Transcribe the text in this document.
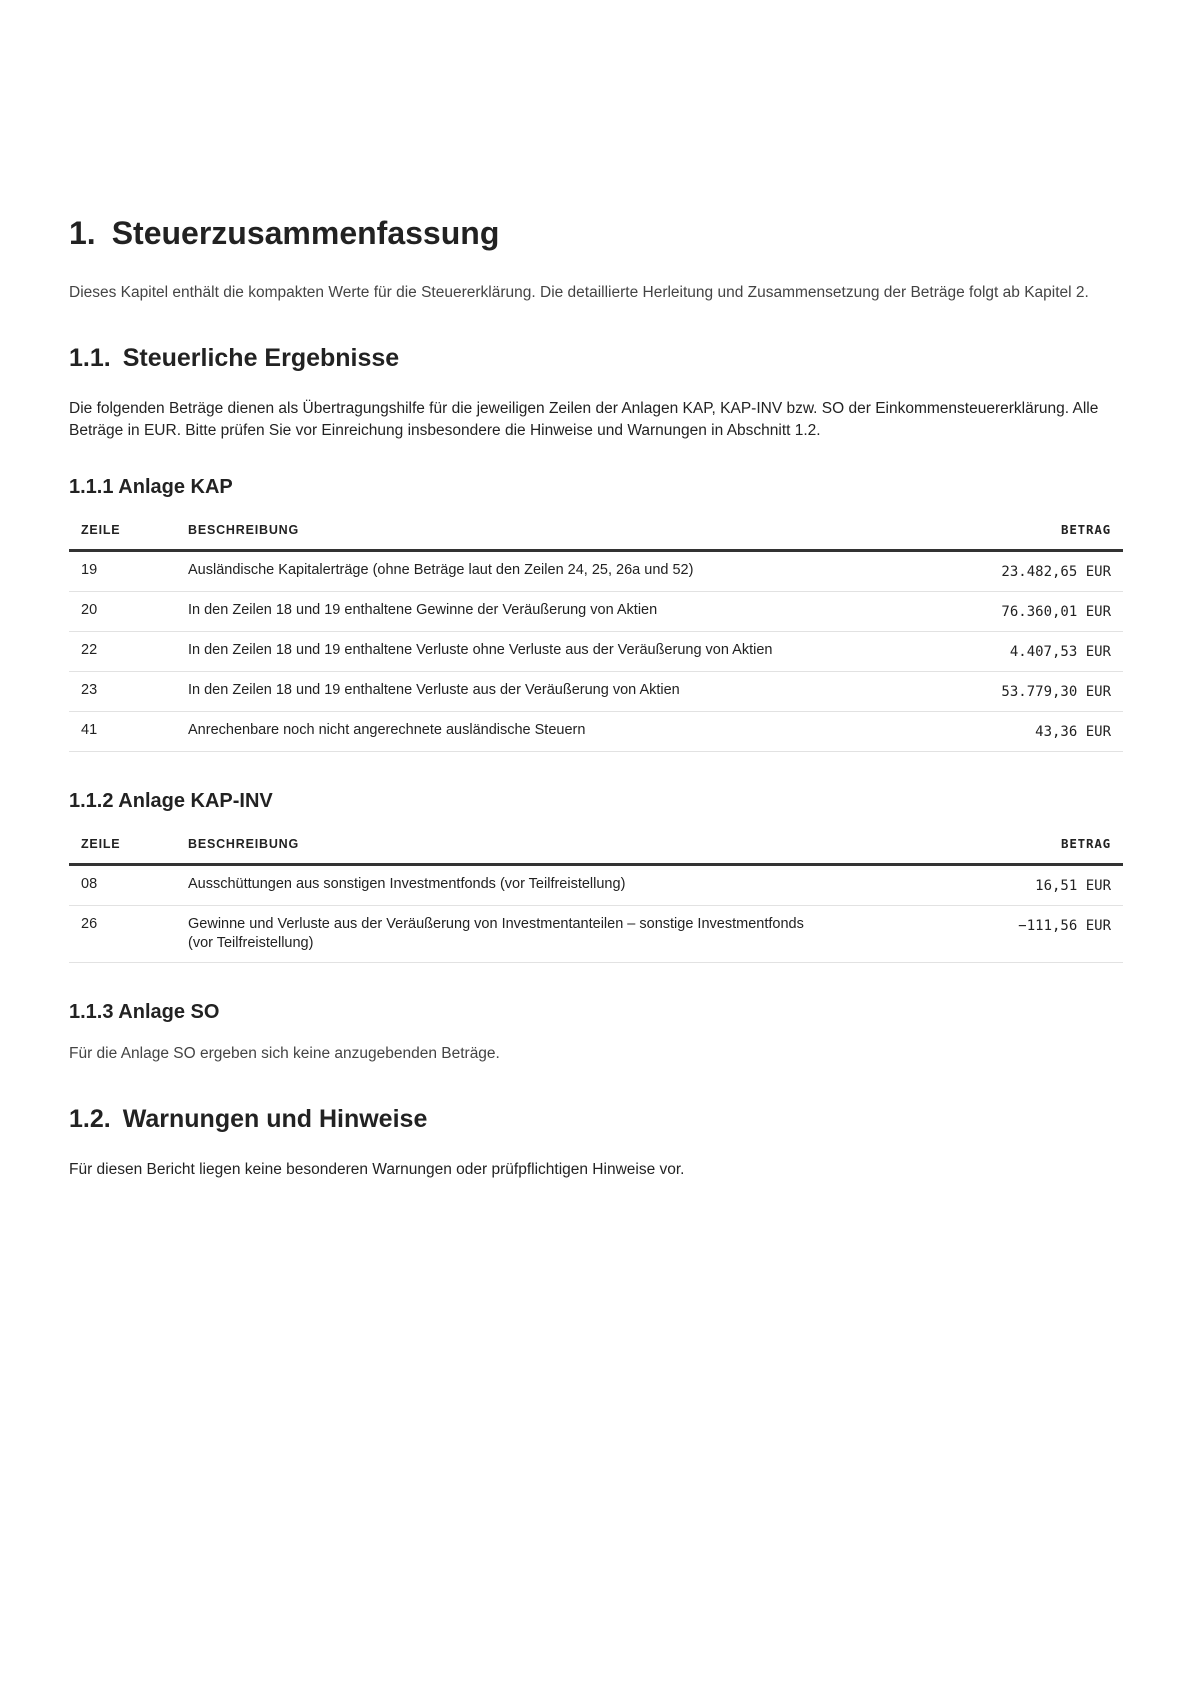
1. Steuerzusammenfassung

Dieses Kapitel enthält die kompakten Werte für die Steuererklärung. Die detaillierte Herleitung und Zusammensetzung der Beträge folgt ab Kapitel 2.

1.1. Steuerliche Ergebnisse

Die folgenden Beträge dienen als Übertragungshilfe für die jeweiligen Zeilen der Anlagen KAP, KAP-INV bzw. SO der Einkommensteuererklärung. Alle Beträge in EUR. Bitte prüfen Sie vor Einreichung insbesondere die Hinweise und Warnungen in Abschnitt 1.2.

1.1.1 Anlage KAP
ZEILE	BESCHREIBUNG	BETRAG
19	Ausländische Kapitalerträge (ohne Beträge laut den Zeilen 24, 25, 26a und 52)	23.482,65 EUR
20	In den Zeilen 18 und 19 enthaltene Gewinne der Veräußerung von Aktien	76.360,01 EUR
22	In den Zeilen 18 und 19 enthaltene Verluste ohne Verluste aus der Veräußerung von Aktien	4.407,53 EUR
23	In den Zeilen 18 und 19 enthaltene Verluste aus der Veräußerung von Aktien	53.779,30 EUR
41	Anrechenbare noch nicht angerechnete ausländische Steuern	43,36 EUR
1.1.2 Anlage KAP-INV
ZEILE	BESCHREIBUNG	BETRAG
08	Ausschüttungen aus sonstigen Investmentfonds (vor Teilfreistellung)	16,51 EUR
26	Gewinne und Verluste aus der Veräußerung von Investmentanteilen – sonstige Investmentfonds (vor Teilfreistellung)	−111,56 EUR
1.1.3 Anlage SO

Für die Anlage SO ergeben sich keine anzugebenden Beträge.

1.2. Warnungen und Hinweise

Für diesen Bericht liegen keine besonderen Warnungen oder prüfpflichtigen Hinweise vor.
